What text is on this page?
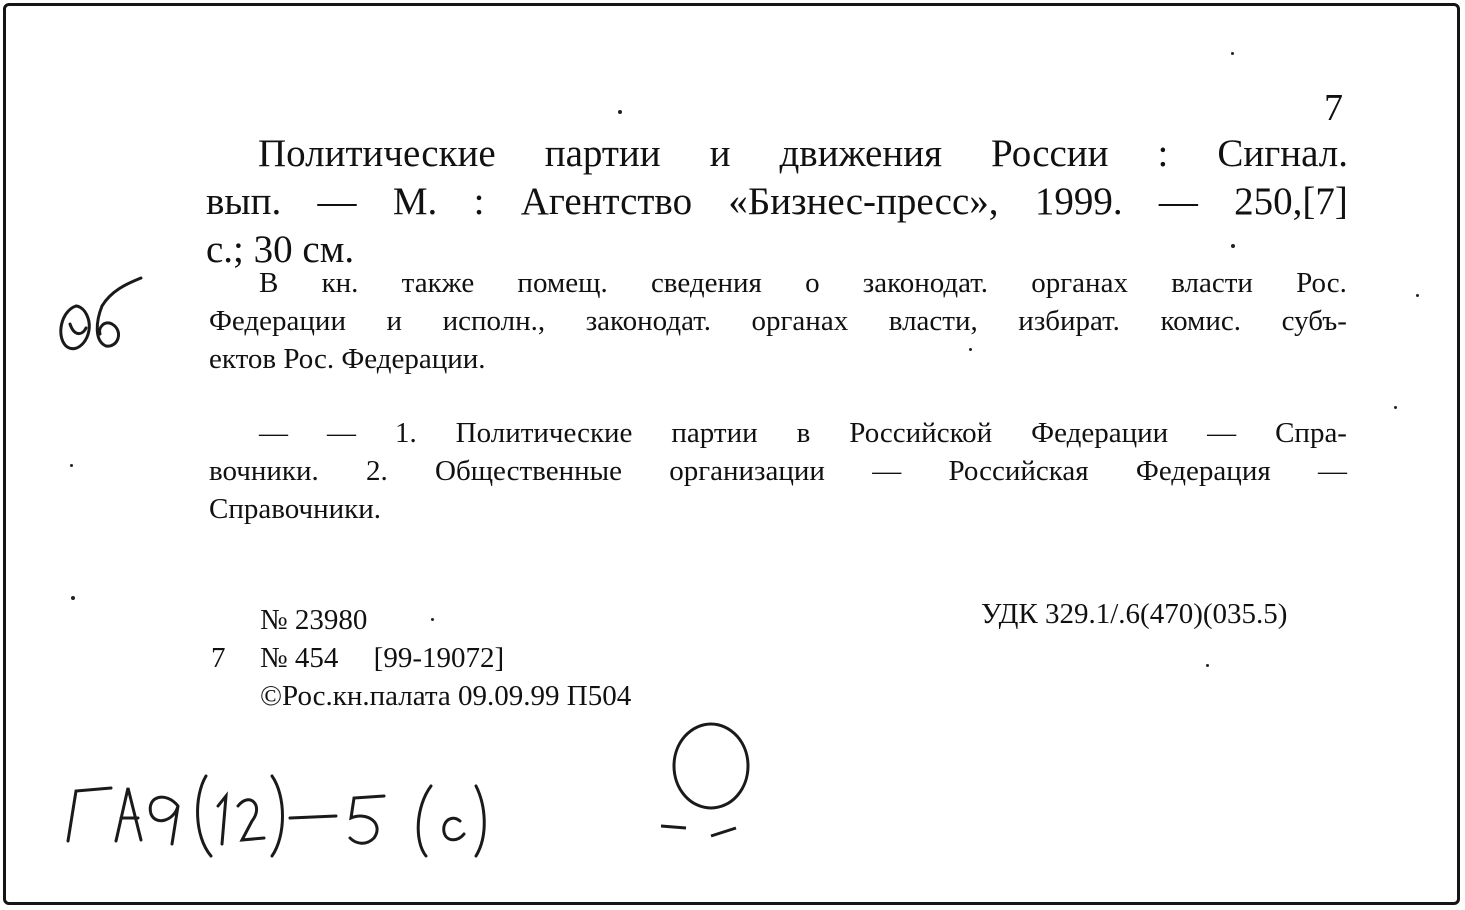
7
Политические партии и движения России : Сигнал.
вып. — М. : Агентство «Бизнес-пресс», 1999. — 250,[7]
с.; 30 см.
В кн. также помещ. сведения о законодат. органах власти Рос.
Федерации и исполн., законодат. органах власти, избират. комис. субъ-
ектов Рос. Федерации.
— — 1. Политические партии в Российской Федерации — Спра-
вочники. 2. Общественные организации — Российская Федерация —
Справочники.
№ 23980
7 № 454 [99-19072]
©Рос.кн.палата 09.09.99 П504
УДК 329.1/.6(470)(035.5)
